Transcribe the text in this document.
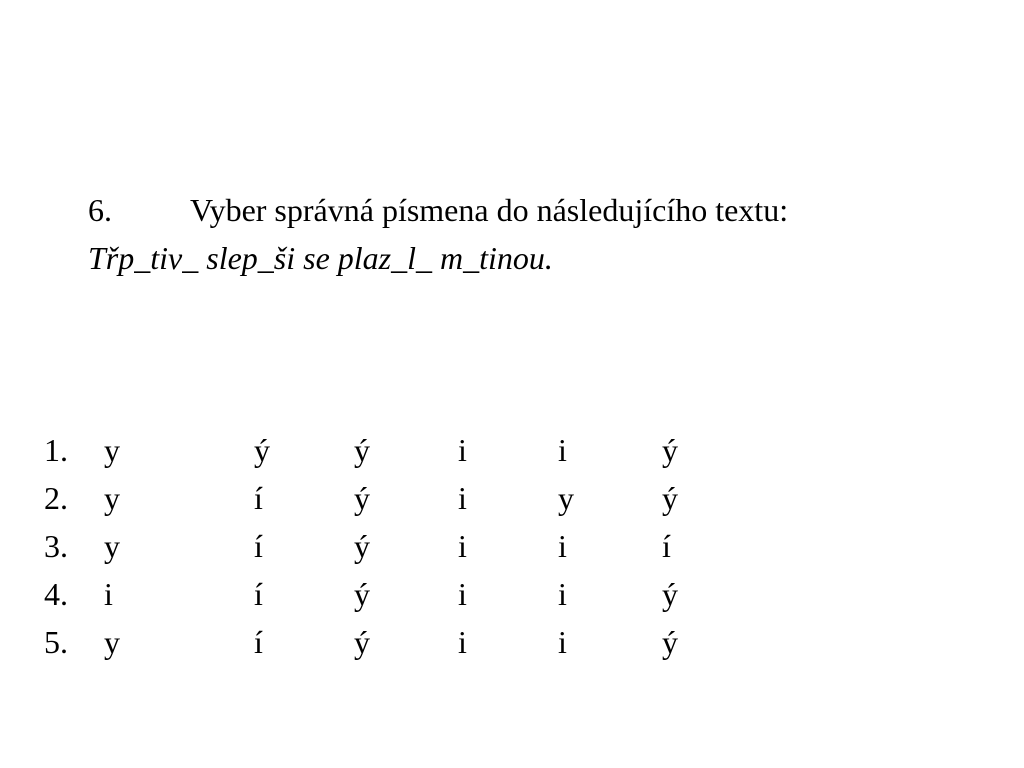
6. Vyber správná písmena do následujícího textu:
Třp_tiv_ slep_ši se plaz_l_ m_tinou.
1. y	ý	ý	i	i	ý
2. y	í	ý	i	y	ý
3. y	í	ý	i	i	í
4. i	í	ý	i	i	ý
5. y	í	ý	i	i	ý
